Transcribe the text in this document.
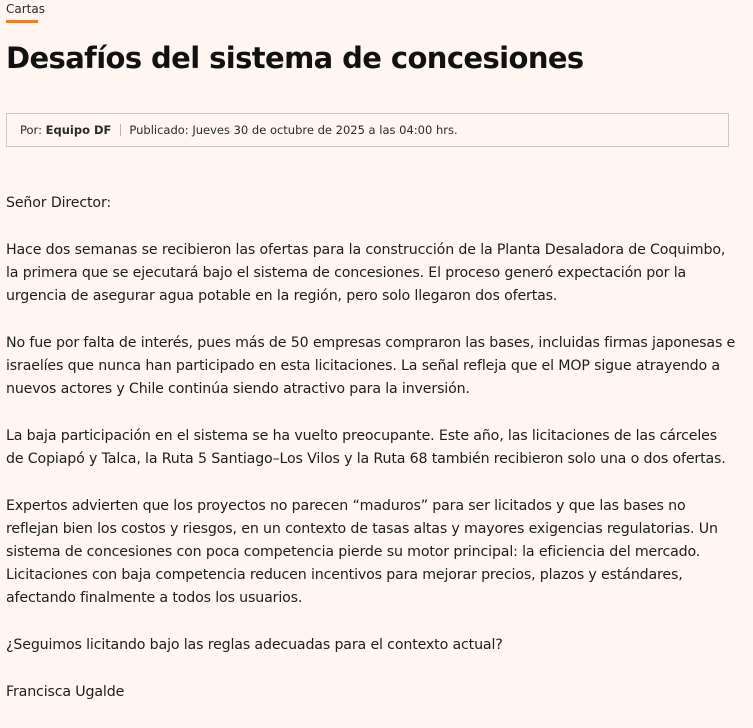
Cartas
Desafíos del sistema de concesiones
Por: Equipo DF Publicado: Jueves 30 de octubre de 2025 a las 04:00 hrs.

Señor Director:

Hace dos semanas se recibieron las ofertas para la construcción de la Planta Desaladora de Coquimbo, la primera que se ejecutará bajo el sistema de concesiones. El proceso generó expectación por la urgencia de asegurar agua potable en la región, pero solo llegaron dos ofertas.

No fue por falta de interés, pues más de 50 empresas compraron las bases, incluidas firmas japonesas e israelíes que nunca han participado en esta licitaciones. La señal refleja que el MOP sigue atrayendo a nuevos actores y Chile continúa siendo atractivo para la inversión.

La baja participación en el sistema se ha vuelto preocupante. Este año, las licitaciones de las cárceles de Copiapó y Talca, la Ruta 5 Santiago–Los Vilos y la Ruta 68 también recibieron solo una o dos ofertas.

Expertos advierten que los proyectos no parecen “maduros” para ser licitados y que las bases no reflejan bien los costos y riesgos, en un contexto de tasas altas y mayores exigencias regulatorias. Un sistema de concesiones con poca competencia pierde su motor principal: la eficiencia del mercado. Licitaciones con baja competencia reducen incentivos para mejorar precios, plazos y estándares, afectando finalmente a todos los usuarios.

¿Seguimos licitando bajo las reglas adecuadas para el contexto actual?

Francisca Ugalde
